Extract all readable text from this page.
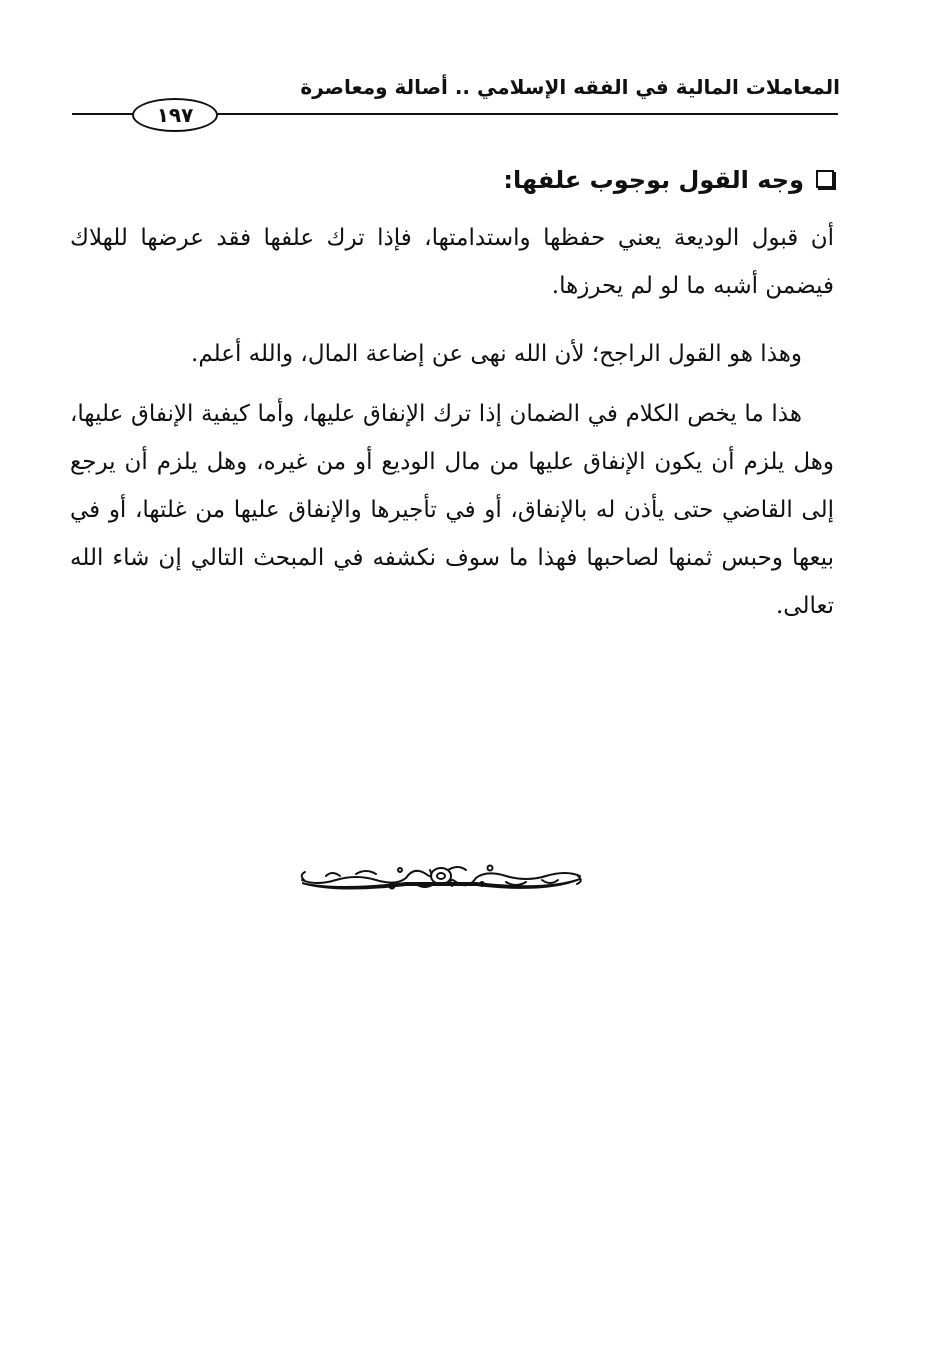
المعاملات المالية في الفقه الإسلامي .. أصالة ومعاصرة
١٩٧
وجه القول بوجوب علفها:

أن قبول الوديعة يعني حفظها واستدامتها، فإذا ترك علفها فقد عرضها للهلاك فيضمن أشبه ما لو لم يحرزها.

وهذا هو القول الراجح؛ لأن الله نهى عن إضاعة المال، والله أعلم.

هذا ما يخص الكلام في الضمان إذا ترك الإنفاق عليها، وأما كيفية الإنفاق عليها، وهل يلزم أن يكون الإنفاق عليها من مال الوديع أو من غيره، وهل يلزم أن يرجع إلى القاضي حتى يأذن له بالإنفاق، أو في تأجيرها والإنفاق عليها من غلتها، أو في بيعها وحبس ثمنها لصاحبها فهذا ما سوف نكشفه في المبحث التالي إن شاء الله تعالى.
